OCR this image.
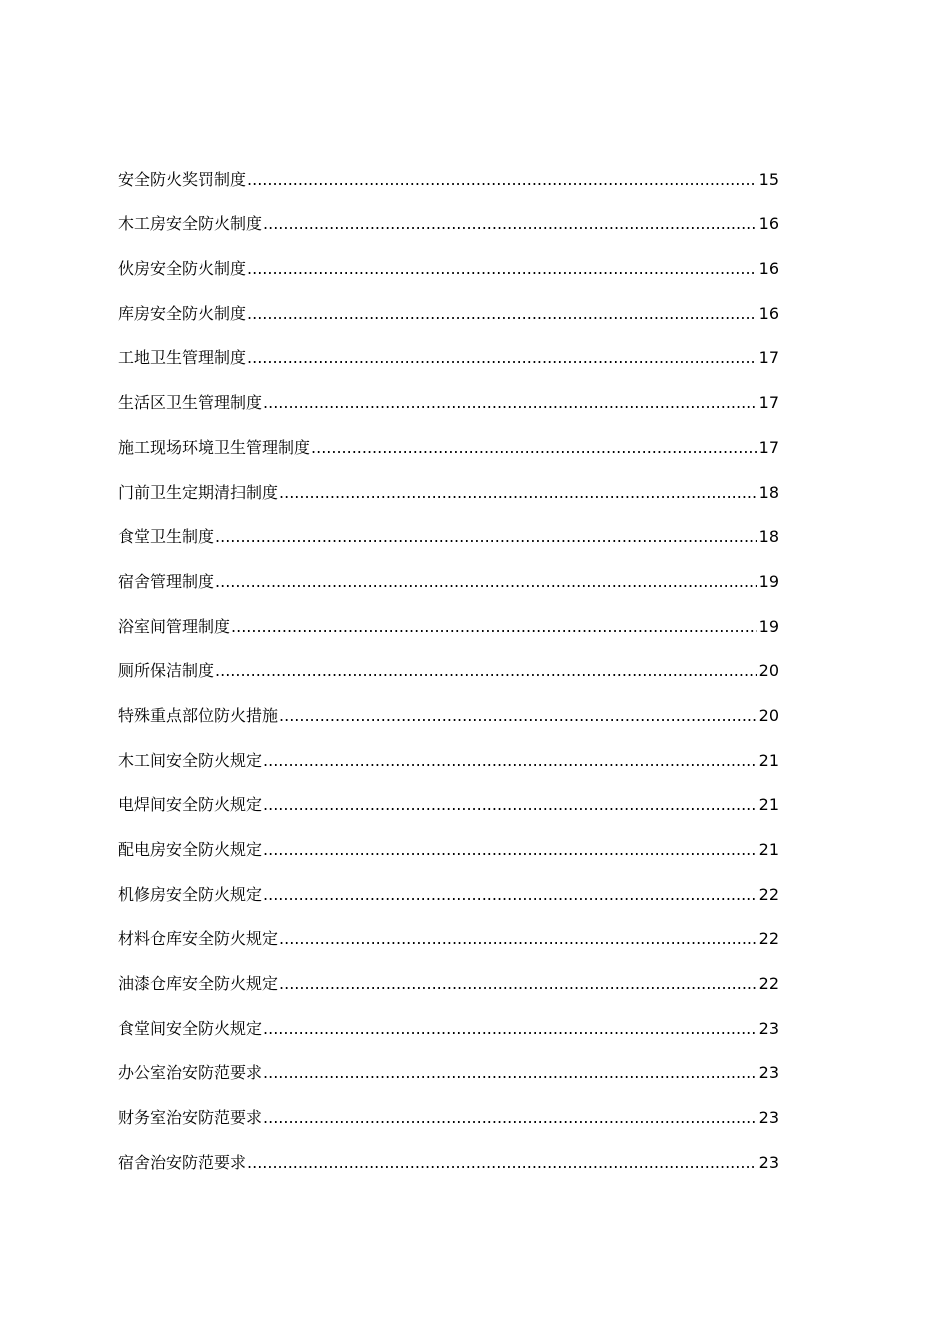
安全防火奖罚制度 .....	15
木工房安全防火制度 .....	16
伙房安全防火制度 .....	16
库房安全防火制度 .....	16
工地卫生管理制度 .....	17
生活区卫生管理制度 .....	17
施工现场环境卫生管理制度 .....	17
门前卫生定期清扫制度 .....	18
食堂卫生制度 .....	18
宿舍管理制度 .....	19
浴室间管理制度 .....	19
厕所保洁制度 .....	20
特殊重点部位防火措施 .....	20
木工间安全防火规定 .....	21
电焊间安全防火规定 .....	21
配电房安全防火规定 .....	21
机修房安全防火规定 .....	22
材料仓库安全防火规定 .....	22
油漆仓库安全防火规定 .....	22
食堂间安全防火规定 .....	23
办公室治安防范要求 .....	23
财务室治安防范要求 .....	23
宿舍治安防范要求 .....	23
